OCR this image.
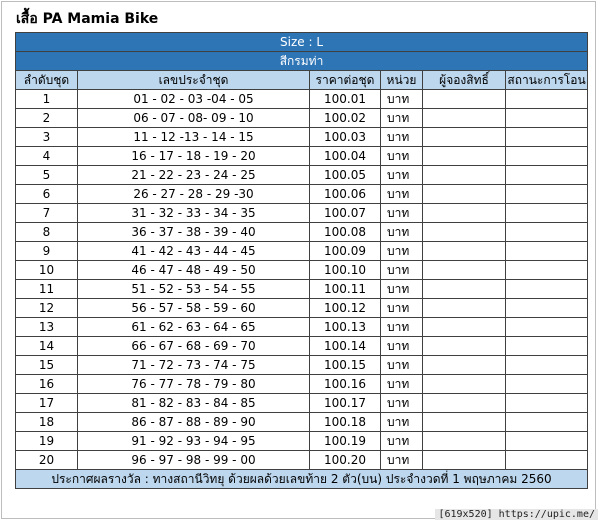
เสื้อ PA Mamia Bike
Size : L					
สีกรมท่า					
ลำดับชุด	เลขประจำชุด	ราคาต่อชุด	หน่วย	ผู้จองสิทธิ์	สถานะการโอน
1	01 - 02 - 03 -04 - 05	100.01	บาท		
2	06 - 07 - 08- 09 - 10	100.02	บาท		
3	11 - 12 -13 - 14 - 15	100.03	บาท		
4	16 - 17 - 18 - 19 - 20	100.04	บาท		
5	21 - 22 - 23 - 24 - 25	100.05	บาท		
6	26 - 27 - 28 - 29 -30	100.06	บาท		
7	31 - 32 - 33 - 34 - 35	100.07	บาท		
8	36 - 37 - 38 - 39 - 40	100.08	บาท		
9	41 - 42 - 43 - 44 - 45	100.09	บาท		
10	46 - 47 - 48 - 49 - 50	100.10	บาท		
11	51 - 52 - 53 - 54 - 55	100.11	บาท		
12	56 - 57 - 58 - 59 - 60	100.12	บาท		
13	61 - 62 - 63 - 64 - 65	100.13	บาท		
14	66 - 67 - 68 - 69 - 70	100.14	บาท		
15	71 - 72 - 73 - 74 - 75	100.15	บาท		
16	76 - 77 - 78 - 79 - 80	100.16	บาท		
17	81 - 82 - 83 - 84 - 85	100.17	บาท		
18	86 - 87 - 88 - 89 - 90	100.18	บาท		
19	91 - 92 - 93 - 94 - 95	100.19	บาท		
20	96 - 97 - 98 - 99 - 00	100.20	บาท		
ประกาศผลรางวัล : ทางสถานีวิทยุ ด้วยผลด้วยเลขท้าย 2 ตัว(บน) ประจำงวดที่ 1 พฤษภาคม 2560					
[619x520] https://upic.me/
